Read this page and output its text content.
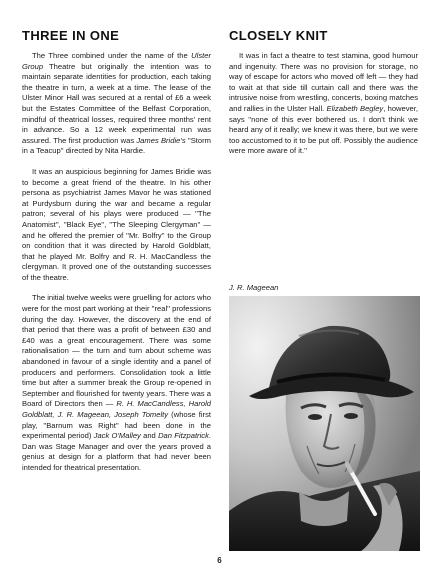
THREE IN ONE

The Three combined under the name of the Ulster Group Theatre but originally the intention was to maintain separate identities for production, each taking the theatre in turn, a week at a time. The lease of the Ulster Minor Hall was secured at a rental of £6 a week but the Estates Committee of the Belfast Corporation, mindful of theatrical losses, required three months' rent in advance. So a 12 week experimental run was assured. The first production was James Bridie's ''Storm in a Teacup'' directed by Nita Hardie.

It was an auspicious beginning for James Bridie was to become a great friend of the theatre. In his other persona as psychiatrist James Mavor he was stationed at Purdysburn during the war and became a regular patron; several of his plays were produced — ''The Anatomist'', ''Black Eye'', ''The Sleeping Clergyman'' — and he offered the premier of ''Mr. Bolfry'' to the Group on condition that it was directed by Harold Goldblatt, that he played Mr. Bolfry and R. H. MacCandless the clergyman. It proved one of the outstanding successes of the theatre.

The initial twelve weeks were gruelling for actors who were for the most part working at their ''real'' professions during the day. However, the discovery at the end of that period that there was a profit of between £30 and £40 was a great encouragement. There was some rationalisation — the turn and turn about scheme was abandoned in favour of a single identity and a panel of producers and performers. Consolidation took a little time but after a summer break the Group re-opened in September and flourished for twenty years. There was a Board of Directors then — R. H. MacCandless, Harold Goldblatt, J. R. Mageean, Joseph Tomelty (whose first play, ''Barnum was Right'' had been done in the experimental period) Jack O'Malley and Dan Fitzpatrick. Dan was Stage Manager and over the years proved a genius at design for a platform that had never been intended for theatrical presentation.

CLOSELY KNIT

It was in fact a theatre to test stamina, good humour and ingenuity. There was no provision for storage, no way of escape for actors who moved off left — they had to wait at that side till curtain call and there was the intrusive noise from wrestling, concerts, boxing matches and rallies in the Ulster Hall. Elizabeth Begley, however, says ''none of this ever bothered us. I don't think we heard any of it really; we knew it was there, but we were too accustomed to it to be put off. Possibly the audience were more aware of it.''

J. R. Mageean
6
